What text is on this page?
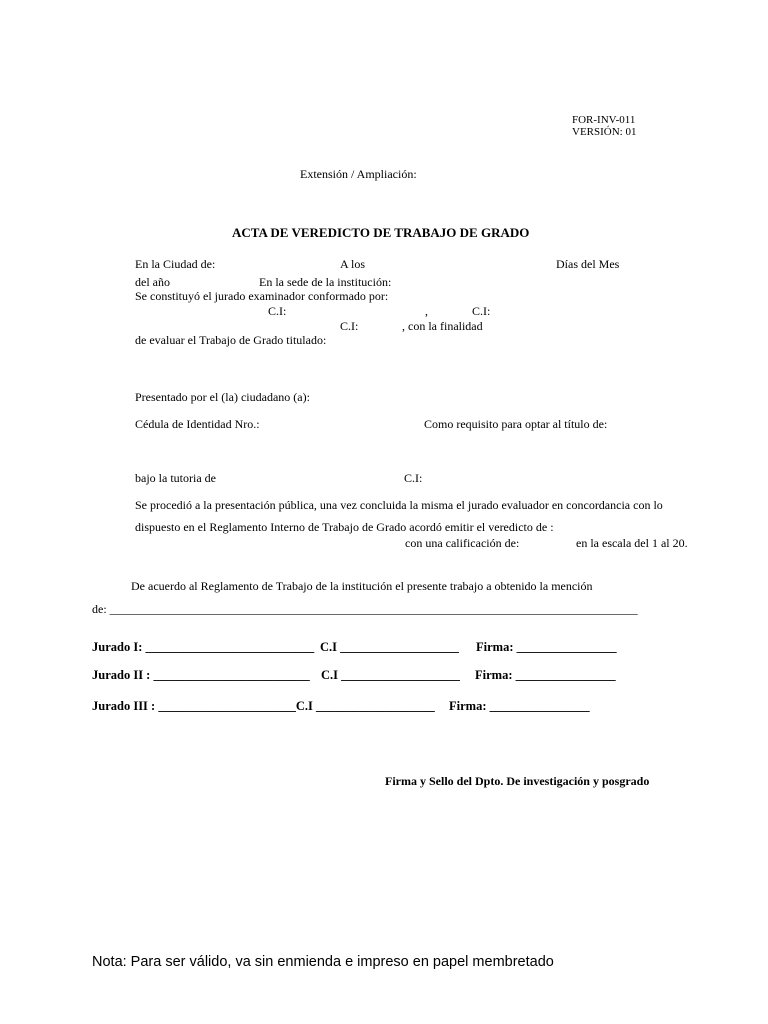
FOR-INV-011
VERSIÓN: 01
Extensión / Ampliación:
ACTA DE VEREDICTO DE TRABAJO DE GRADO
En la Ciudad de:	A los	Días del Mes
del año	En la sede de la institución:
Se constituyó el jurado examinador conformado por:
C.I:	,	C.I:
C.I:	, con la finalidad
de evaluar el Trabajo de Grado titulado:
Presentado por el (la) ciudadano (a):
Cédula de Identidad Nro.:	Como requisito para optar al título de:
bajo la tutoria de	C.I:
Se procedió a la presentación pública, una vez concluida la misma el jurado evaluador en concordancia con lo
dispuesto en el Reglamento Interno de Trabajo de Grado acordó emitir el veredicto de :
con una calificación de:	en la escala del 1 al 20.
De acuerdo al Reglamento de Trabajo de la institución el presente trabajo a obtenido la mención
de: ________________________________________________________________________________________
Jurado I: ___________________________ C.I ___________________ Firma: ________________
Jurado II : _________________________ C.I ___________________ Firma: ________________
Jurado III : ______________________C.I ___________________ Firma: ________________
Firma y Sello del Dpto. De investigación y posgrado
Nota: Para ser válido, va sin enmienda e impreso en papel membretado
